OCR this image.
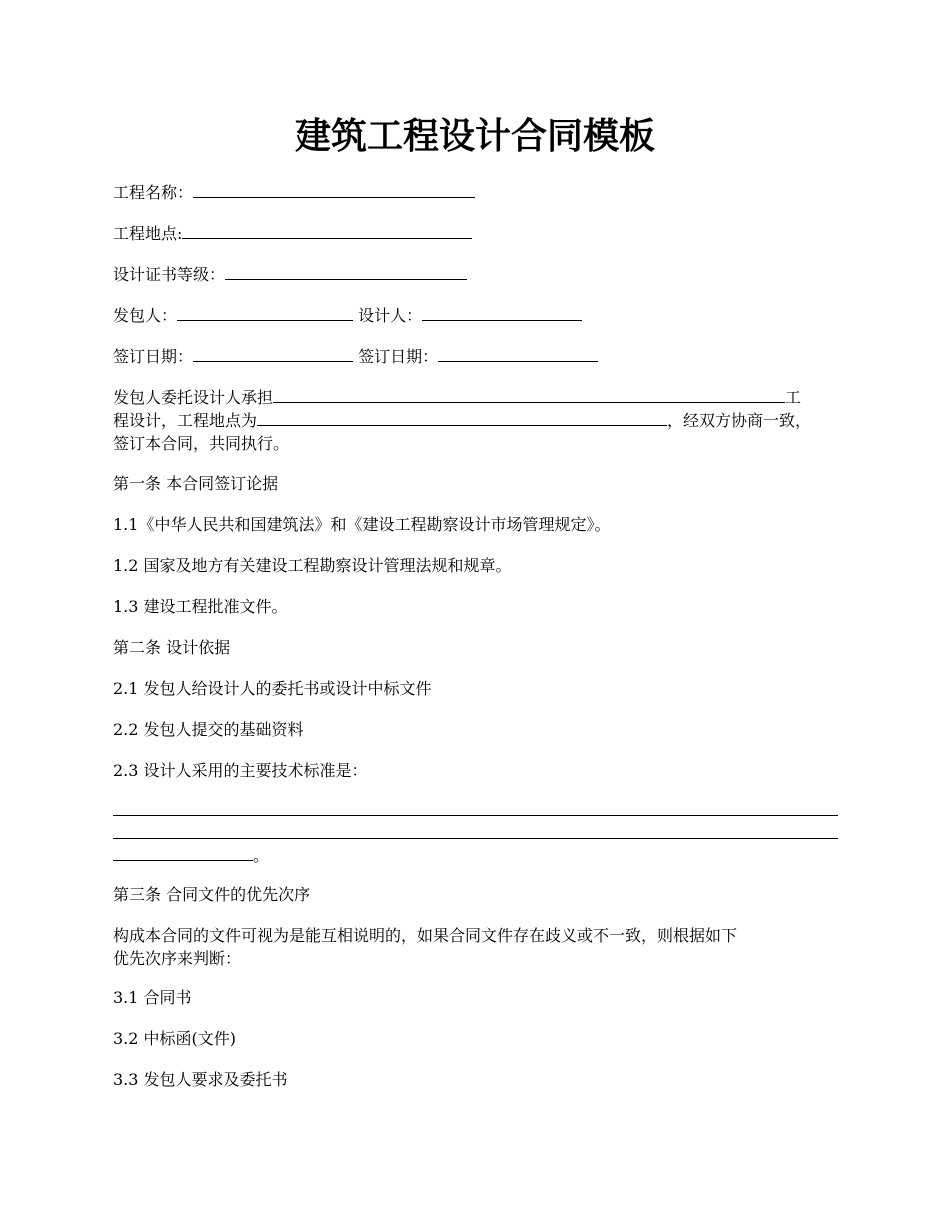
建筑工程设计合同模板
工程名称：
工程地点:
设计证书等级：
发包人：	设计人：
签订日期：	签订日期：
发包人委托设计人承担	工
程设计，工程地点为	，经双方协商一致，
签订本合同，共同执行。
第一条 本合同签订论据
1.1《中华人民共和国建筑法》和《建设工程勘察设计市场管理规定》。
1.2 国家及地方有关建设工程勘察设计管理法规和规章。
1.3 建设工程批准文件。
第二条 设计依据
2.1 发包人给设计人的委托书或设计中标文件
2.2 发包人提交的基础资料
2.3 设计人采用的主要技术标准是：
。
第三条 合同文件的优先次序
构成本合同的文件可视为是能互相说明的，如果合同文件存在歧义或不一致，则根据如下
优先次序来判断：
3.1 合同书
3.2 中标函(文件)
3.3 发包人要求及委托书
